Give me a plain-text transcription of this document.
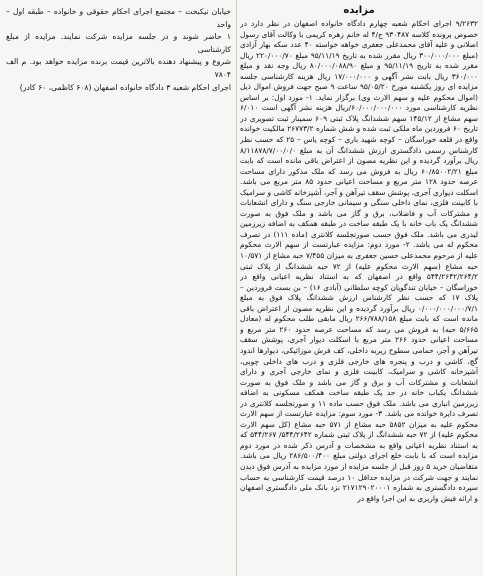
خیابان نیکبخت – مجتمع اجرای احکام حقوقی و خانواده – طبقه اول – واحد

۱ حاضر شوند و در جلسه مزایده شرکت نمایند. مزایده از مبلغ کارشناسی

شروع و پیشنهاد دهنده بالاترین قیمت برنده مزایده خواهد بود. م الف ۷۸۰۴

اجرای احکام شعبه ۳ دادگاه خانواده اصفهان (۶۰۸ کاظمی، ۶۰ کادر)

مزایده

۹/۲۶۳۲ اجرای احکام شعبه چهارم دادگاه خانواده اصفهان در نظر دارد در خصوص پرونده کلاسه ۹۳۰۴۸۷ ج/۴ له خانم زهره کریمی با وکالت آقای رسول اصلانی و علیه آقای محمدعلی جعفری خواهه خواسته ۴۰ عدد سکه بهار آزادی (مبلغ ۳۰۰/۰۰۰/۰۰۰ ریال مقرر شده به تاریخ ۹۵/۱۱/۱۹ مبلغ ۲۲۰/۰۰۰/۷۰ ریال مقرر شده به تاریخ ۹۵/۱۱/۱۹ و مبلغ ۸۰/۰۰۰/۰۸۸/۹۰ ریال وجه نقد و مبلغ ۳۶۰/۰۰۰ ریال بابت نشر آگهی و ۱۷/۰۰۰/۰۰۰ ریال هزینه کارشناسی جلسه مزایده ای روز یکشنبه مورخ ۹۵/۰۵/۲۰ ساعت ۹ صبح جهت فروش اموال ذیل (اموال محکوم علیه و سهم الارث وی) برگزار نماید. ۱- مورد اول: بر اساس نظریه کارشناسی مورد ۶۰/۰۰۰/۰۰۰/۰۰۰/ریال هزینه نشر آگهی است ۶/۰۱۰ سهم مشاع از ۱۴۵/۱۲ سهم ششدانگ پلاک ثبتی ۶۰۹ سمینار ثبت تصویری در تاریخ ۶۰ فروردین ماه ملکی ثبت شده و شش شماره ۲۶۷۷۳/۲ مالکیت خوانده واقع در قلعه خوراسگان – کوچه شهید باری – کوچه یاس – ۲۵ که حسب نظر کارشناس رسمی دادگستری ارزش ششدانگ آن به مبلغ ۸/۱۱۸۷۸/۷/۰۰/۰/۰ ریال برآورد گردیده و این نظریه مصون از اعتراض باقی مانده است که بابت مبلغ ۶۰/۸۵۰۰۲/۲۱ ریال به فروش می رسد که ملک مذکور دارای مساحت عرصه حدود ۱۲۸ متر مربع و مساحت اعیانی حدود ۸۵ متر مربع می باشد. اسکلت دیواری آجری، پوشش سقف تیرآهن و آجر، آشپزخانه کاشی و سرامیک با کابینت فلزی، نمای داخلی سنگی و سیمانی خارجی سنگ و دارای انشعابات و مشترکات آب و فاضلاب، برق و گاز می باشد و ملک فوق به صورت ششدانگ یک باب خانه با یک طبقه ساخت در طبقه همکف به اضافه زیرزمین لیدری می باشد. ملک فوق حسب صورتجلسه کلانتری (ماده ۱۱۱) در تصرف محکوم له می باشد. ۲- مورد دوم: مزایده عبارتست از سهم الارث محکوم علیه از مرحوم محمدعلی حسین جعفری به میزان ۷/۴۵۵ حبه مشاع از ۱۰/۵۷۱ حبه مشاع (سهم الارث محکوم علیه) از ۷۲ حبه ششدانگ از پلاک ثبتی ۵۴۴/۲۶۴۲/۲۶۴/۲ واقع در اصفهان که به استناد نظریه اعیانی واقع در خوراسگان – خیابان تندگویان کوچه سلطانی (آبادی ۱۶) – بن بست فروردین – پلاک ۱۷ که حسب نظر کارشناس ارزش ششدانگ پلاک فوق به مبلغ ۰/۰۰۰/۰۰۰/۰۰۰/۷/۱ ریال برآورد گردیده و این نظریه مصون از اعتراض باقی مانده است که بابت مبلغ ۲۶۶/۷۸۸/۱۵۸ ریال مابقی طلب محکوم له (معادل ۵/۶۶۵ حبه) به فروش می رسد که مساحت عرصه حدود ۲۶۰ متر مربع و مساحت اعیانی حدود ۲۶۶ متر مربع با اسکلت دیوار آجری، پوشش سقف تیرآهن و آجر، حمامی سطوح زیربه داخلی، کف فرش موزائیکی، دیوارها اندود گچ، کاشی و درب و پنجره های خارجی فلزی و درب های داخلی چوبی، آشپزخانه کاشی و سرامیک، کابینت فلزی و نمای خارجی آجری و دارای انشعابات و مشترکات آب و برق و گاز می باشد و ملک فوق به صورت ششدانگ یکباب خانه در حد یک طبقه ساخت همکف مسکونی به اضافه زیرزمین انباری می باشد. ملک فوق حسب ماده ۱۱ و صورتجلسه کلانتری در تصرف دایرة خوانده می باشد. ۳- مورد سوم: مزایده عبارتست از سهم الارث محکوم علیه به میزان ۵۸۵۲ حبه مشاع از ۵۷۱ حبه مشاع (کل سهم الارث محکوم علیه) از ۷۲ حبه ششدانگ از پلاک ثبتی شماره ۵۴۴/۲۶۴۲/ ۵۴۴/۲۶۷ که به استناد نظریه اعیانی واقع به مشخصات و آدرس ذکر شده در مورد دوم مزایده است که با بابت خلع اجرای دولتی مبلغ ۲۸۶/۵۰۰/۴۰۰ ریال می باشد. متقاضیان خرید ۵ روز قبل از جلسه مزایده از مورد مزایده به آدرس فوق دیدن نمایند و جهت شرکت در مزایده حداقل ۱۰ درصد قیمت کارشناسی به حساب سپرده دادگستری به شماره ۲۱۷۱۲۹۰۲۰۰۰۱ نزد بانک ملی دادگستری اصفهان و ارائه فیش واریزی به این اجرا واقع در
